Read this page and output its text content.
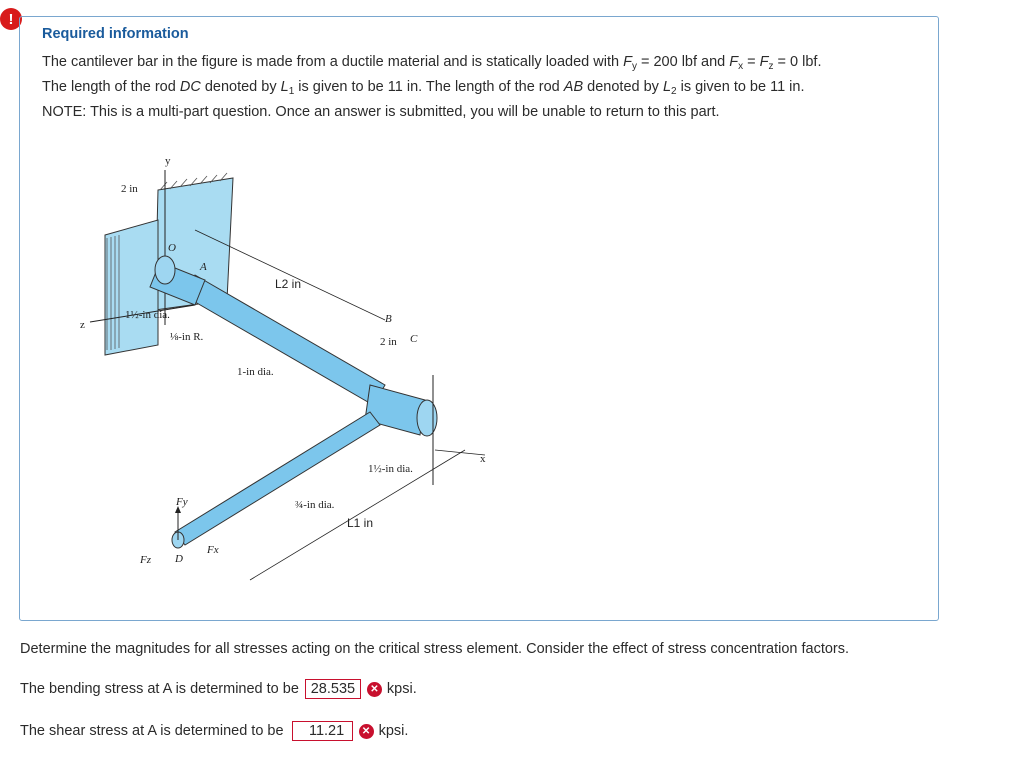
!
Required information

The cantilever bar in the figure is made from a ductile material and is statically loaded with $F_y = 200$ lbf and $F_x = F_z = 0$ lbf.

The length of the rod DC denoted by $L_1$ is given to be 11 in. The length of the rod AB denoted by $L_2$ is given to be 11 in.

NOTE: This is a multi-part question. Once an answer is submitted, you will be unable to return to this part.

y
z
x
2 in
O
A
L2 in
1½-in dia.
⅛-in R.
1-in dia.
B
2 in C
1½-in dia.
¾-in dia.
L1 in
Fy
Fz D
Fx
Determine the magnitudes for all stresses acting on the critical stress element. Consider the effect of stress concentration factors.
The bending stress at A is determined to be 28.535	✕ kpsi.
The shear stress at A is determined to be	11.21	✕ kpsi.
